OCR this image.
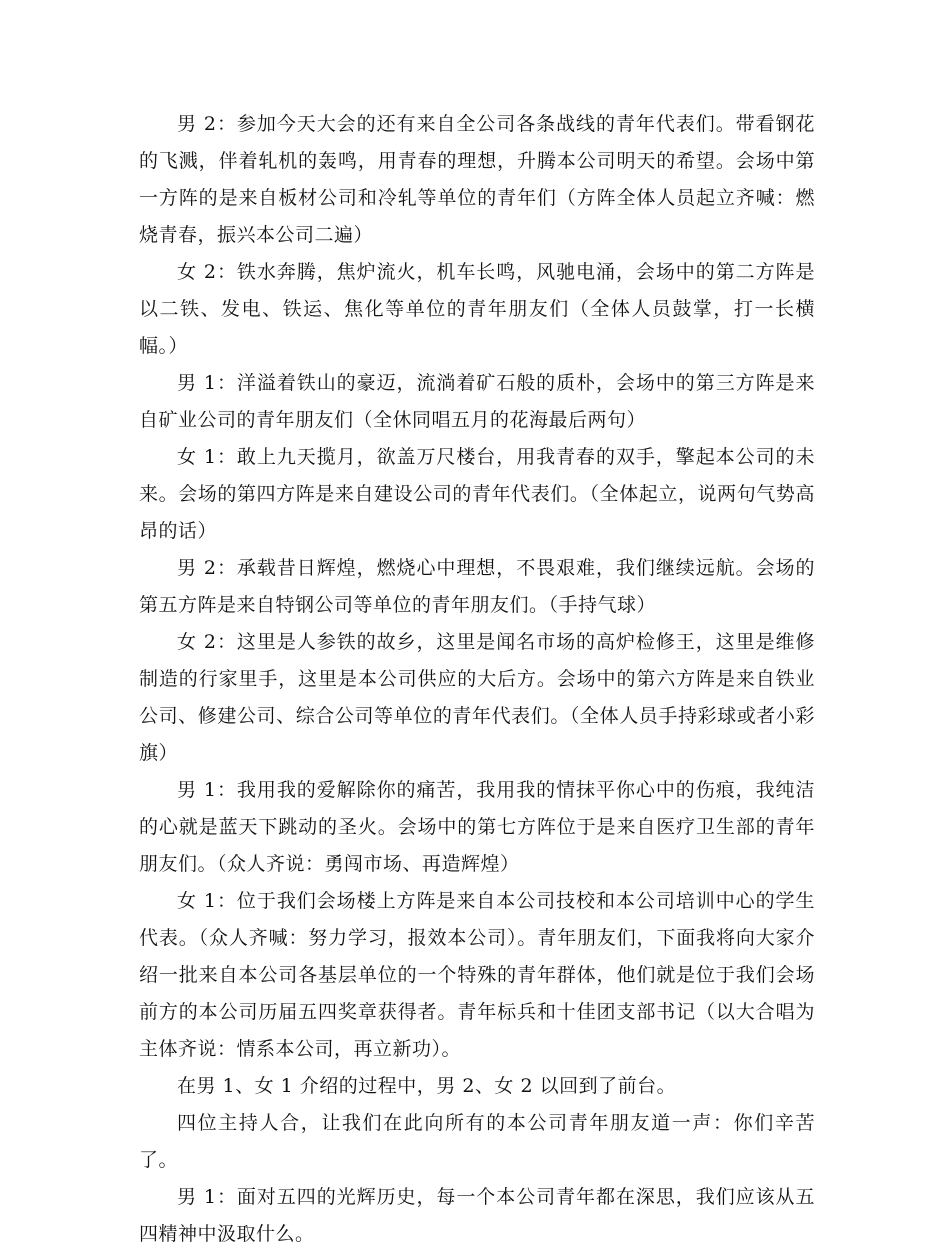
男 2：参加今天大会的还有来自全公司各条战线的青年代表们。带看钢花的飞溅，伴着轧机的轰鸣，用青春的理想，升腾本公司明天的希望。会场中第一方阵的是来自板材公司和冷轧等单位的青年们（方阵全体人员起立齐喊：燃烧青春，振兴本公司二遍）

女 2：铁水奔腾，焦炉流火，机车长鸣，风驰电涌，会场中的第二方阵是以二铁、发电、铁运、焦化等单位的青年朋友们（全体人员鼓掌，打一长横幅。）

男 1：洋溢着铁山的豪迈，流淌着矿石般的质朴，会场中的第三方阵是来自矿业公司的青年朋友们（全休同唱五月的花海最后两句）

女 1：敢上九天揽月，欲盖万尺楼台，用我青春的双手，擎起本公司的未来。会场的第四方阵是来自建设公司的青年代表们。（全体起立，说两句气势高昂的话）

男 2：承载昔日辉煌，燃烧心中理想，不畏艰难，我们继续远航。会场的第五方阵是来自特钢公司等单位的青年朋友们。（手持气球）

女 2：这里是人参铁的故乡，这里是闻名市场的高炉检修王，这里是维修制造的行家里手，这里是本公司供应的大后方。会场中的第六方阵是来自铁业公司、修建公司、综合公司等单位的青年代表们。（全体人员手持彩球或者小彩旗）

男 1：我用我的爱解除你的痛苦，我用我的情抹平你心中的伤痕，我纯洁的心就是蓝天下跳动的圣火。会场中的第七方阵位于是来自医疗卫生部的青年朋友们。（众人齐说：勇闯市场、再造辉煌）

女 1：位于我们会场楼上方阵是来自本公司技校和本公司培训中心的学生代表。（众人齐喊：努力学习，报效本公司）。青年朋友们，下面我将向大家介绍一批来自本公司各基层单位的一个特殊的青年群体，他们就是位于我们会场前方的本公司历届五四奖章获得者。青年标兵和十佳团支部书记（以大合唱为主体齐说：情系本公司，再立新功）。

在男 1、女 1 介绍的过程中，男 2、女 2 以回到了前台。

四位主持人合，让我们在此向所有的本公司青年朋友道一声：你们辛苦了。

男 1：面对五四的光辉历史，每一个本公司青年都在深思，我们应该从五四精神中汲取什么。
